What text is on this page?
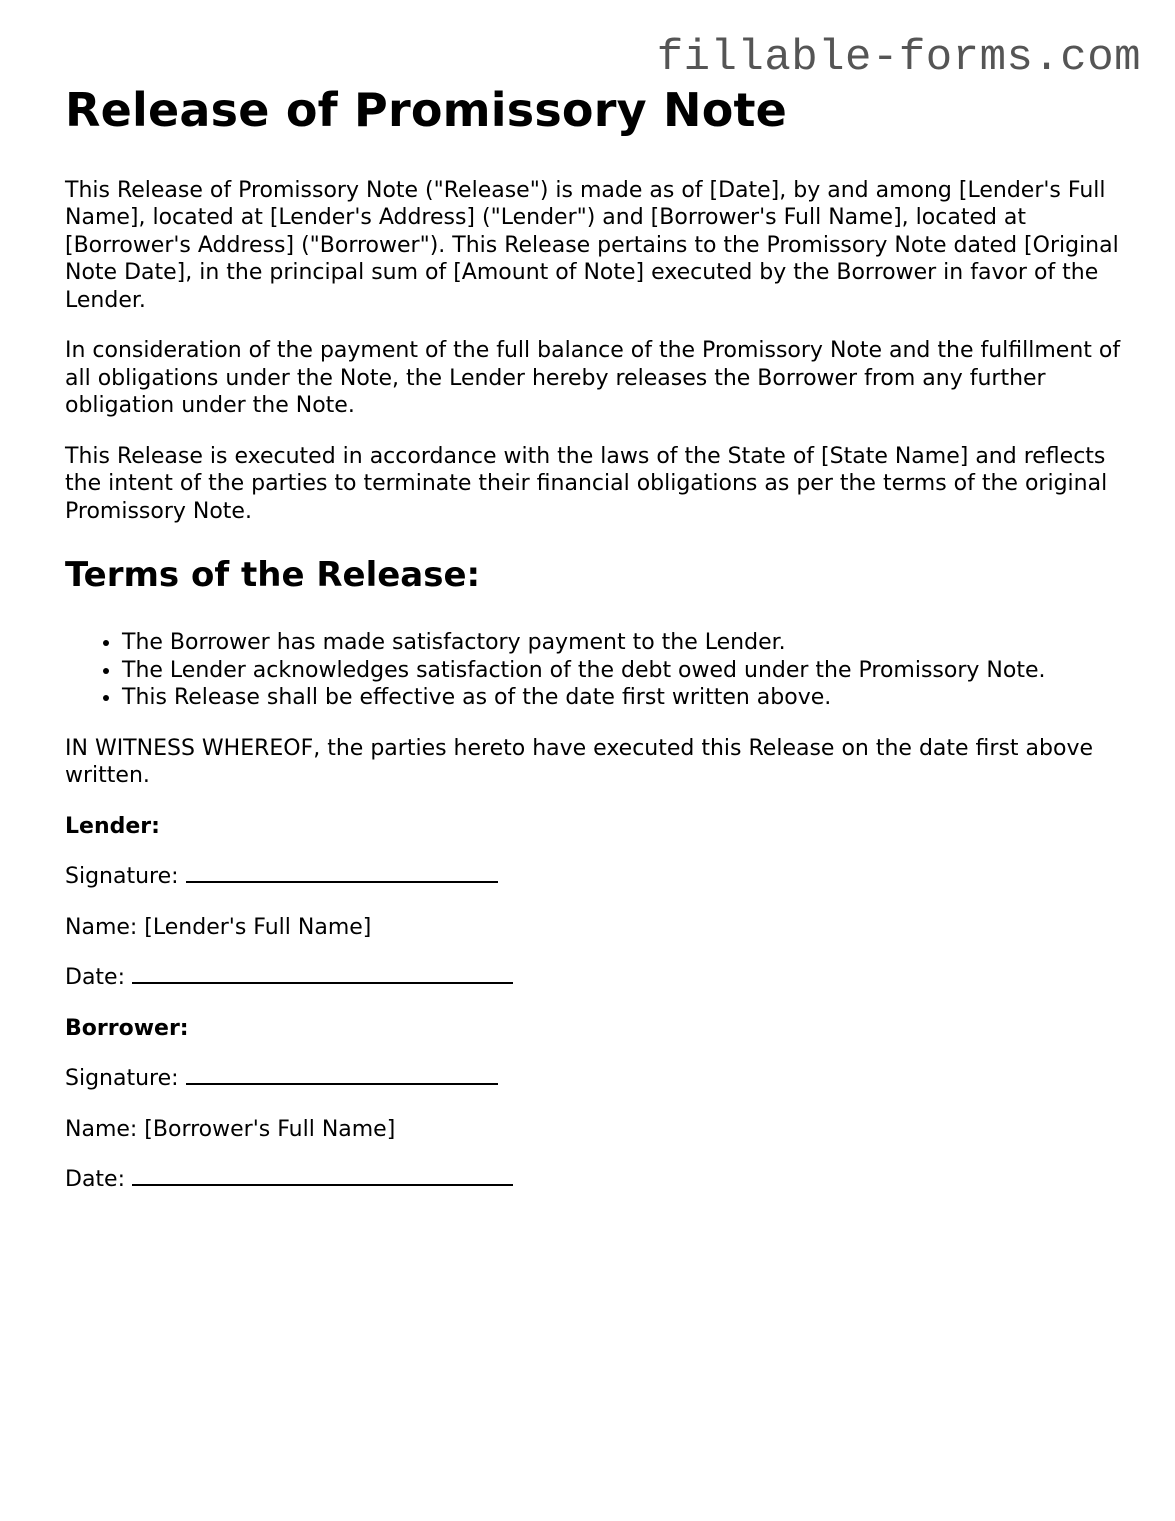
fillable-forms.com
Release of Promissory Note

This Release of Promissory Note ("Release") is made as of [Date], by and among [Lender's Full Name], located at [Lender's Address] ("Lender") and [Borrower's Full Name], located at [Borrower's Address] ("Borrower"). This Release pertains to the Promissory Note dated [Original Note Date], in the principal sum of [Amount of Note] executed by the Borrower in favor of the Lender.

In consideration of the payment of the full balance of the Promissory Note and the fulfillment of all obligations under the Note, the Lender hereby releases the Borrower from any further obligation under the Note.

This Release is executed in accordance with the laws of the State of [State Name] and reflects the intent of the parties to terminate their financial obligations as per the terms of the original Promissory Note.

Terms of the Release:
• The Borrower has made satisfactory payment to the Lender.
• The Lender acknowledges satisfaction of the debt owed under the Promissory Note.
• This Release shall be effective as of the date first written above.

IN WITNESS WHEREOF, the parties hereto have executed this Release on the date first above written.

Lender:

Signature:

Name: [Lender's Full Name]

Date:

Borrower:

Signature:

Name: [Borrower's Full Name]

Date:
